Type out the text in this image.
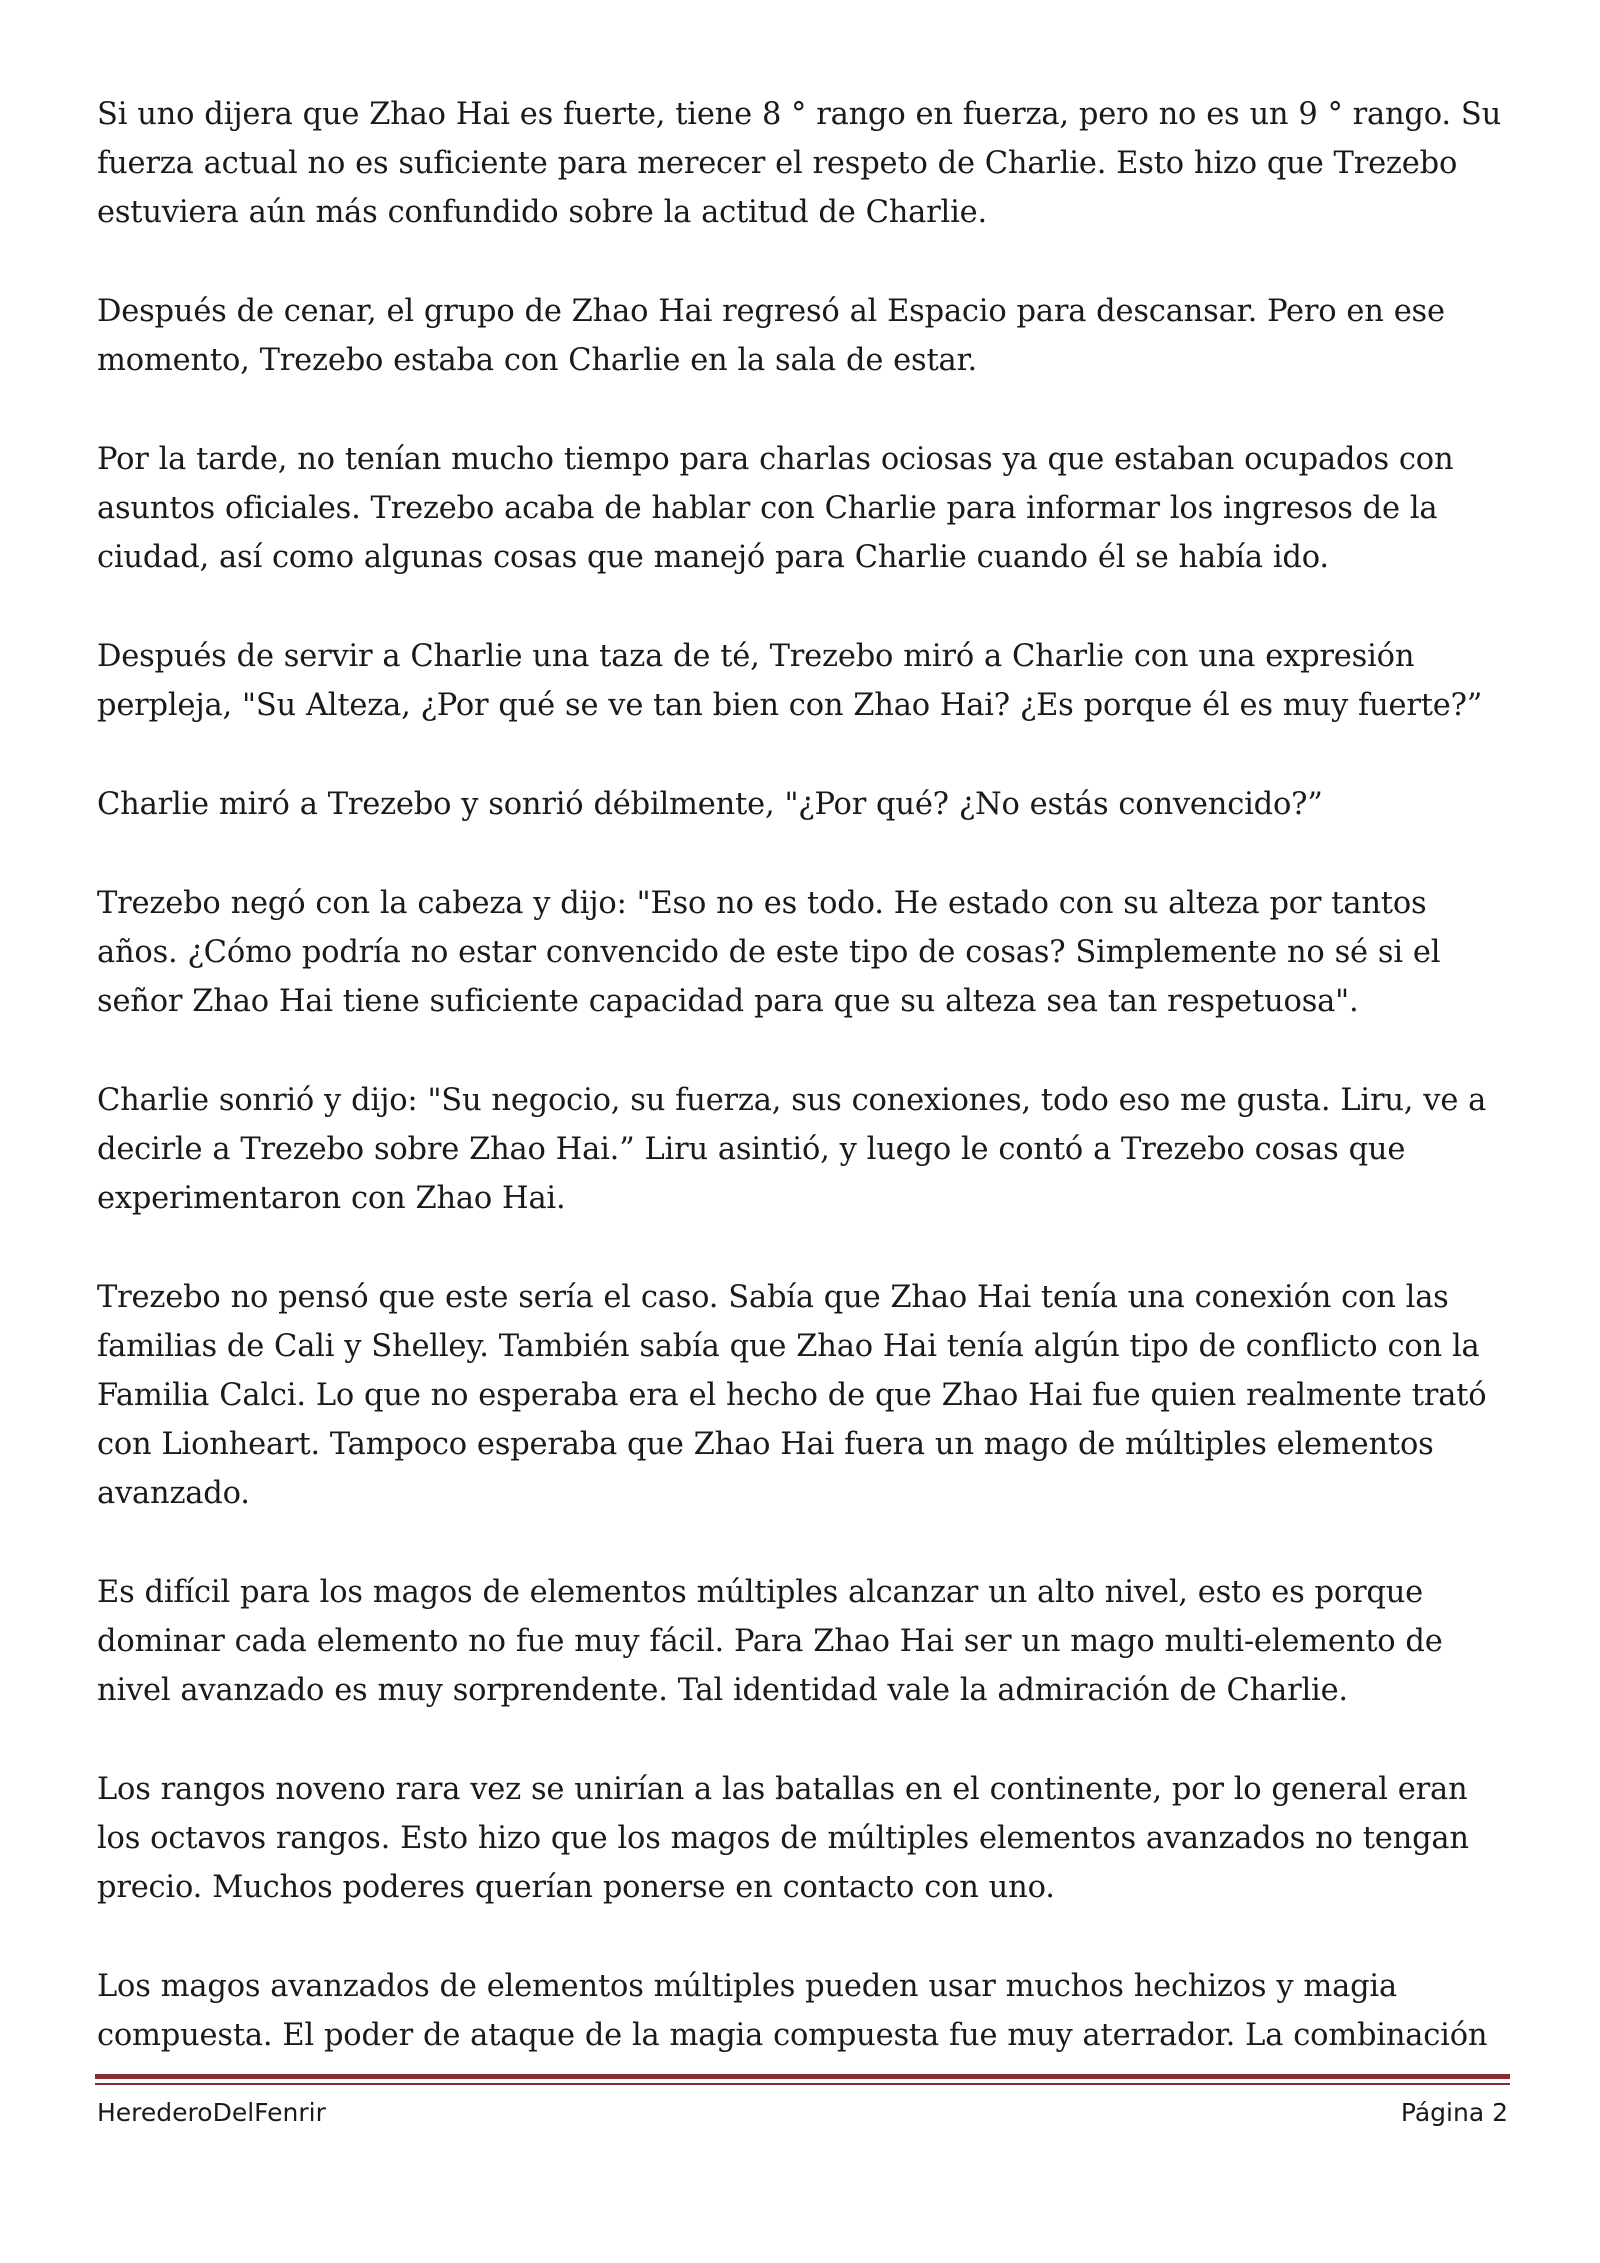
Si uno dijera que Zhao Hai es fuerte, tiene 8 ° rango en fuerza, pero no es un 9 ° rango. Su fuerza actual no es suficiente para merecer el respeto de Charlie. Esto hizo que Trezebo estuviera aún más confundido sobre la actitud de Charlie.

Después de cenar, el grupo de Zhao Hai regresó al Espacio para descansar. Pero en ese momento, Trezebo estaba con Charlie en la sala de estar.

Por la tarde, no tenían mucho tiempo para charlas ociosas ya que estaban ocupados con asuntos oficiales. Trezebo acaba de hablar con Charlie para informar los ingresos de la ciudad, así como algunas cosas que manejó para Charlie cuando él se había ido.

Después de servir a Charlie una taza de té, Trezebo miró a Charlie con una expresión perpleja, "Su Alteza, ¿Por qué se ve tan bien con Zhao Hai? ¿Es porque él es muy fuerte?”

Charlie miró a Trezebo y sonrió débilmente, "¿Por qué? ¿No estás convencido?”

Trezebo negó con la cabeza y dijo: "Eso no es todo. He estado con su alteza por tantos años. ¿Cómo podría no estar convencido de este tipo de cosas? Simplemente no sé si el señor Zhao Hai tiene suficiente capacidad para que su alteza sea tan respetuosa".

Charlie sonrió y dijo: "Su negocio, su fuerza, sus conexiones, todo eso me gusta. Liru, ve a decirle a Trezebo sobre Zhao Hai.” Liru asintió, y luego le contó a Trezebo cosas que experimentaron con Zhao Hai.

Trezebo no pensó que este sería el caso. Sabía que Zhao Hai tenía una conexión con las familias de Cali y Shelley. También sabía que Zhao Hai tenía algún tipo de conflicto con la Familia Calci. Lo que no esperaba era el hecho de que Zhao Hai fue quien realmente trató con Lionheart. Tampoco esperaba que Zhao Hai fuera un mago de múltiples elementos avanzado.

Es difícil para los magos de elementos múltiples alcanzar un alto nivel, esto es porque dominar cada elemento no fue muy fácil. Para Zhao Hai ser un mago multi-elemento de nivel avanzado es muy sorprendente. Tal identidad vale la admiración de Charlie.

Los rangos noveno rara vez se unirían a las batallas en el continente, por lo general eran los octavos rangos. Esto hizo que los magos de múltiples elementos avanzados no tengan precio. Muchos poderes querían ponerse en contacto con uno.

Los magos avanzados de elementos múltiples pueden usar muchos hechizos y magia compuesta. El poder de ataque de la magia compuesta fue muy aterrador. La combinación

HerederoDelFenrir	Página 2
